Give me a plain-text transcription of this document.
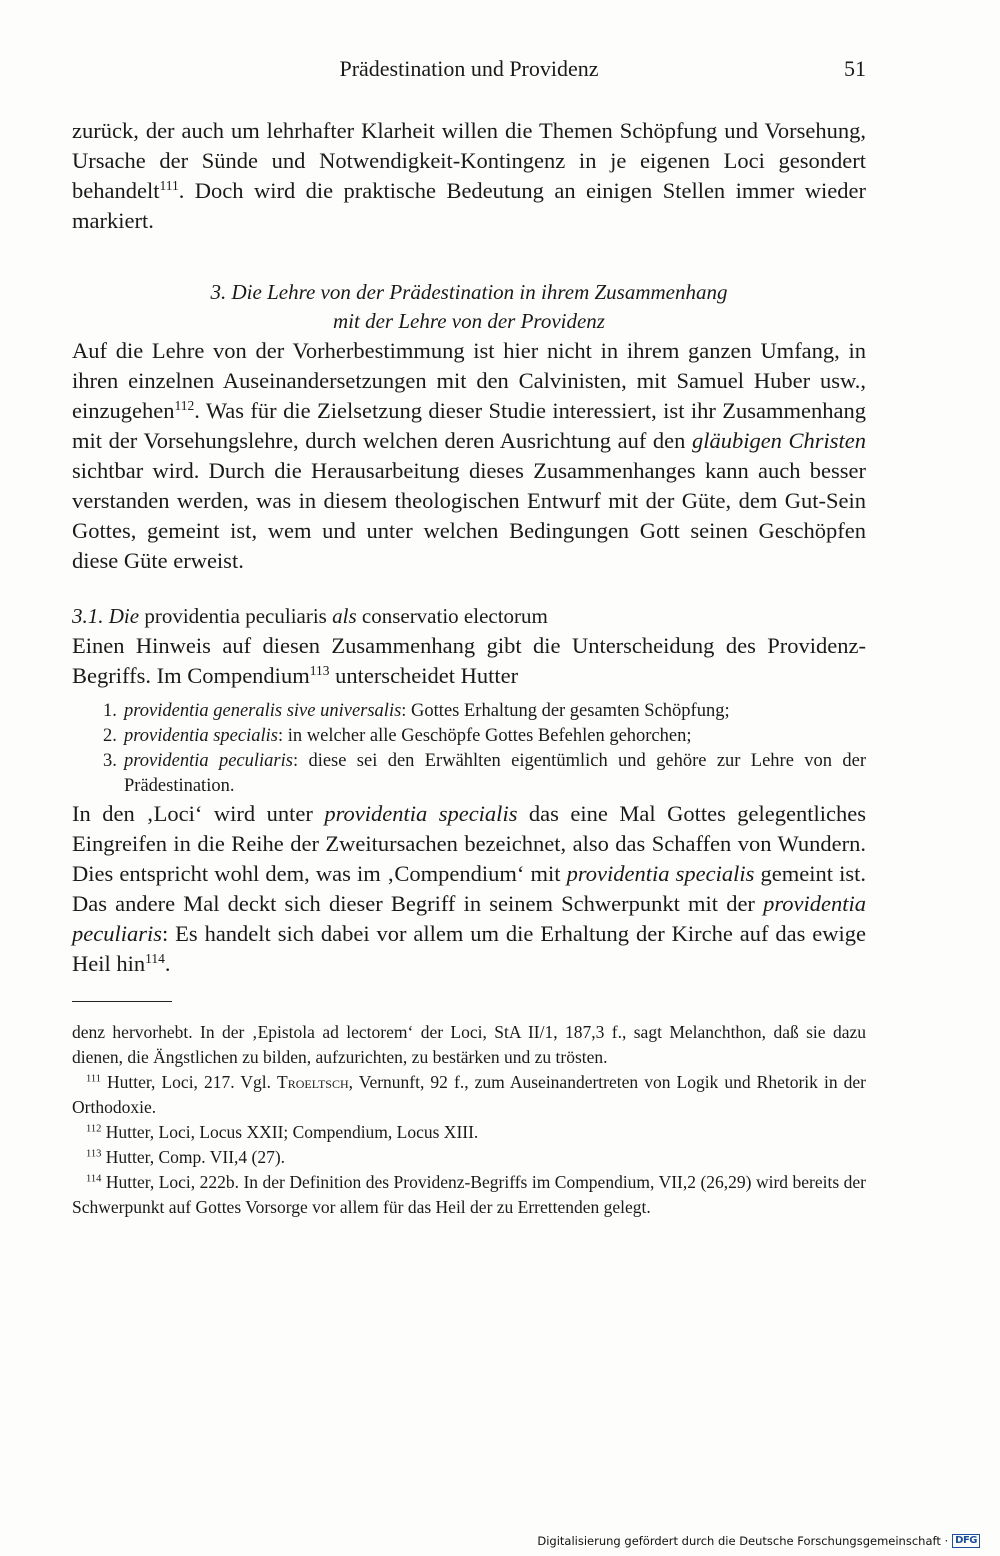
Prädestination und Providenz	51

zurück, der auch um lehrhafter Klarheit willen die Themen Schöpfung und Vorsehung, Ursache der Sünde und Notwendigkeit-Kontingenz in je eigenen Loci gesondert behandelt$^{111}$. Doch wird die praktische Bedeutung an einigen Stellen immer wieder markiert.

3. Die Lehre von der Prädestination in ihrem Zusammenhang
mit der Lehre von der Providenz

Auf die Lehre von der Vorherbestimmung ist hier nicht in ihrem ganzen Umfang, in ihren einzelnen Auseinandersetzungen mit den Calvinisten, mit Samuel Huber usw., einzugehen$^{112}$. Was für die Zielsetzung dieser Studie interessiert, ist ihr Zusammenhang mit der Vorsehungslehre, durch welchen deren Ausrichtung auf den gläubigen Christen sichtbar wird. Durch die Herausarbeitung dieses Zusammenhanges kann auch besser verstanden werden, was in diesem theologischen Entwurf mit der Güte, dem Gut-Sein Gottes, gemeint ist, wem und unter welchen Bedingungen Gott seinen Geschöpfen diese Güte erweist.

3.1. Die providentia peculiaris als conservatio electorum

Einen Hinweis auf diesen Zusammenhang gibt die Unterscheidung des Providenz-Begriffs. Im Compendium$^{113}$ unterscheidet Hutter

1. providentia generalis sive universalis: Gottes Erhaltung der gesamten Schöpfung;
2. providentia specialis: in welcher alle Geschöpfe Gottes Befehlen gehorchen;
3. providentia peculiaris: diese sei den Erwählten eigentümlich und gehöre zur Lehre von der Prädestination.

In den ‚Loci‘ wird unter providentia specialis das eine Mal Gottes gelegentliches Eingreifen in die Reihe der Zweitursachen bezeichnet, also das Schaffen von Wundern. Dies entspricht wohl dem, was im ‚Compendium‘ mit providentia specialis gemeint ist. Das andere Mal deckt sich dieser Begriff in seinem Schwerpunkt mit der providentia peculiaris: Es handelt sich dabei vor allem um die Erhaltung der Kirche auf das ewige Heil hin$^{114}$.

denz hervorhebt. In der ‚Epistola ad lectorem‘ der Loci, StA II/1, 187,3 f., sagt Melanchthon, daß sie dazu dienen, die Ängstlichen zu bilden, aufzurichten, zu bestärken und zu trösten.

$^{111}$ Hutter, Loci, 217. Vgl. Troeltsch, Vernunft, 92 f., zum Auseinandertreten von Logik und Rhetorik in der Orthodoxie.

$^{112}$ Hutter, Loci, Locus XXII; Compendium, Locus XIII.

$^{113}$ Hutter, Comp. VII,4 (27).

$^{114}$ Hutter, Loci, 222b. In der Definition des Providenz-Begriffs im Compendium, VII,2 (26,29) wird bereits der Schwerpunkt auf Gottes Vorsorge vor allem für das Heil der zu Errettenden gelegt.

Digitalisierung gefördert durch die Deutsche Forschungsgemeinschaft · DFG
